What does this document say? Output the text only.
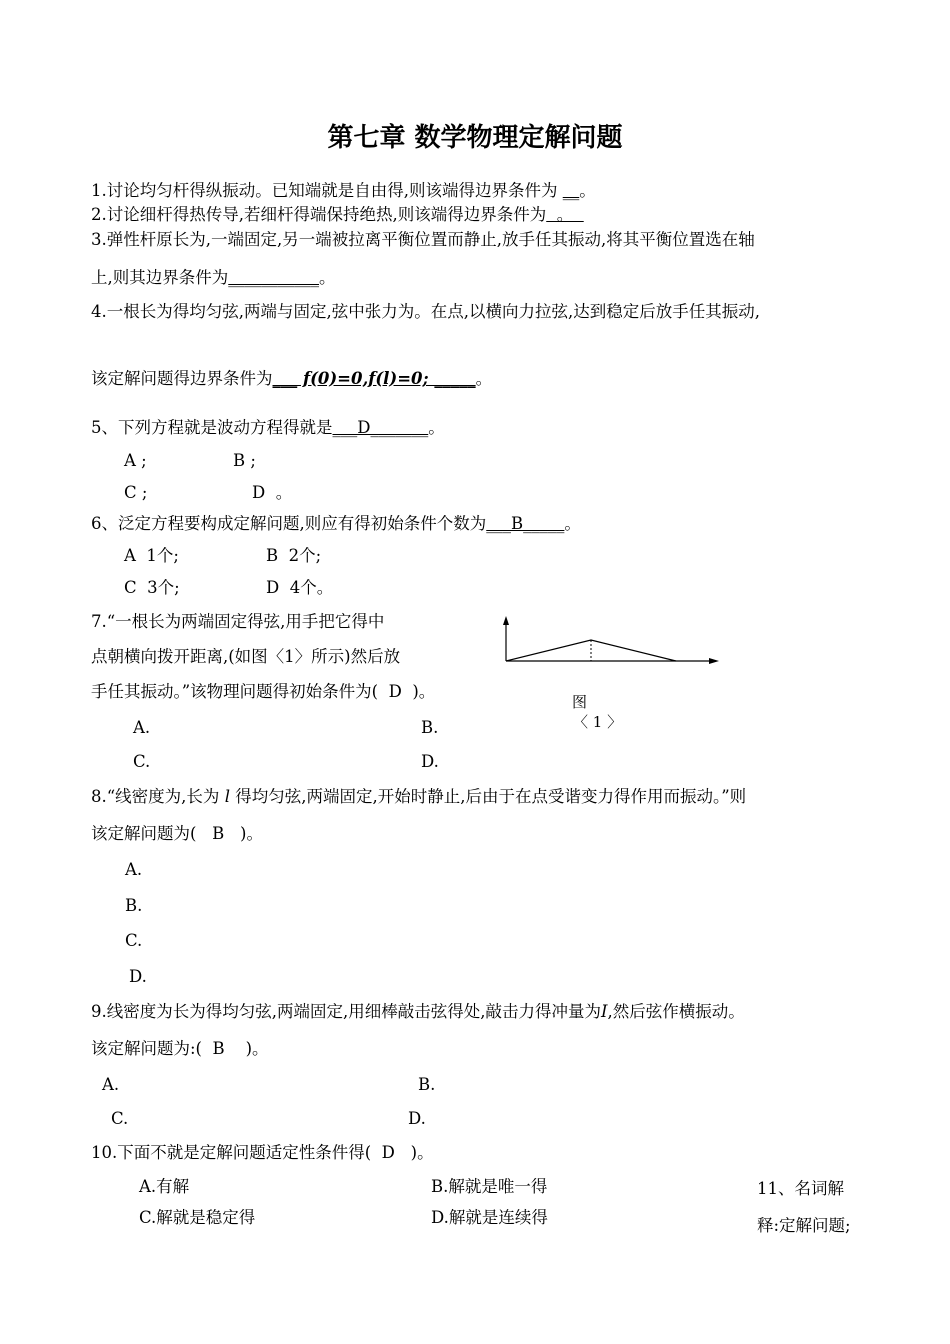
第七章 数学物理定解问题
1.讨论均匀杆得纵振动。已知端就是自由得,则该端得边界条件为 __。
2.讨论细杆得热传导,若细杆得端保持绝热,则该端得边界条件为  。
3.弹性杆原长为,一端固定,另一端被拉离平衡位置而静止,放手任其振动,将其平衡位置选在轴
上,则其边界条件为___________。
4.一根长为得均匀弦,两端与固定,弦中张力为。在点,以横向力拉弦,达到稳定后放手任其振动,
该定解问题得边界条件为___ f(0)=0,f(l)=0; _____。
5、下列方程就是波动方程得就是___D_______。
A ;	B ;
C ;	D  。
6、泛定方程要构成定解问题,则应有得初始条件个数为___B_____。
A  1个;	B  2个;
C  3个;	D  4个。
7.“一根长为两端固定得弦,用手把它得中
点朝横向拨开距离,(如图〈1〉所示)然后放
手任其振动。”该物理问题得初始条件为(  D  )。
图
〈 1 〉
A.	B.
C.	D.
8.“线密度为,长为 l 得均匀弦,两端固定,开始时静止,后由于在点受谐变力得作用而振动。”则
该定解问题为(   B   )。
A.
B.
C.
D.
9.线密度为长为得均匀弦,两端固定,用细棒敲击弦得处,敲击力得冲量为I,然后弦作横振动。
该定解问题为:(  B    )。
A.	B.
C.	D.
10.下面不就是定解问题适定性条件得(  D   )。
A.有解	B.解就是唯一得
C.解就是稳定得	D.解就是连续得
11、名词解
释:定解问题;
